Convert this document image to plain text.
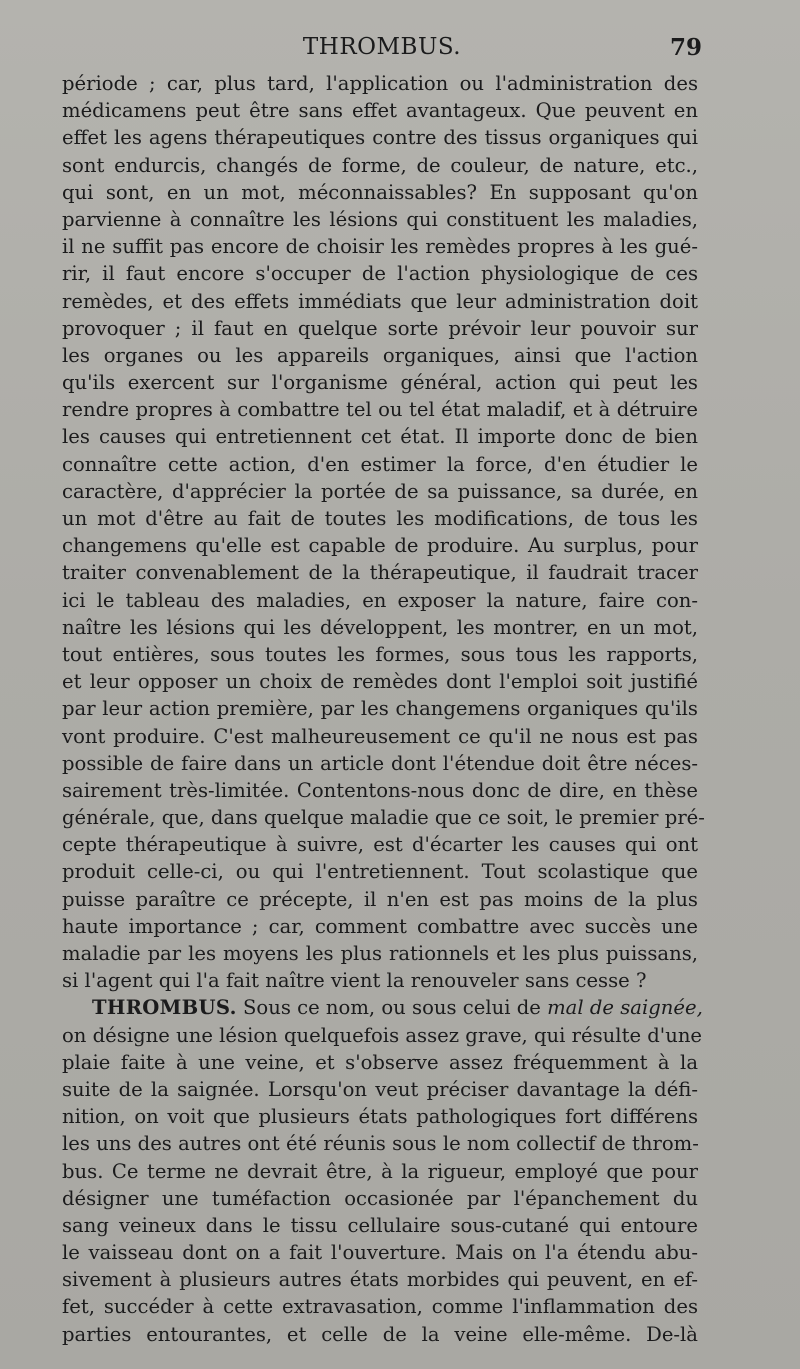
THROMBUS.	79
période ; car, plus tard, l'application ou l'administration des
médicamens peut être sans effet avantageux. Que peuvent en
effet les agens thérapeutiques contre des tissus organiques qui
sont endurcis, changés de forme, de couleur, de nature, etc.,
qui sont, en un mot, méconnaissables? En supposant qu'on
parvienne à connaître les lésions qui constituent les maladies,
il ne suffit pas encore de choisir les remèdes propres à les gué-
rir, il faut encore s'occuper de l'action physiologique de ces
remèdes, et des effets immédiats que leur administration doit
provoquer ; il faut en quelque sorte prévoir leur pouvoir sur
les organes ou les appareils organiques, ainsi que l'action
qu'ils exercent sur l'organisme général, action qui peut les
rendre propres à combattre tel ou tel état maladif, et à détruire
les causes qui entretiennent cet état. Il importe donc de bien
connaître cette action, d'en estimer la force, d'en étudier le
caractère, d'apprécier la portée de sa puissance, sa durée, en
un mot d'être au fait de toutes les modifications, de tous les
changemens qu'elle est capable de produire. Au surplus, pour
traiter convenablement de la thérapeutique, il faudrait tracer
ici le tableau des maladies, en exposer la nature, faire con-
naître les lésions qui les développent, les montrer, en un mot,
tout entières, sous toutes les formes, sous tous les rapports,
et leur opposer un choix de remèdes dont l'emploi soit justifié
par leur action première, par les changemens organiques qu'ils
vont produire. C'est malheureusement ce qu'il ne nous est pas
possible de faire dans un article dont l'étendue doit être néces-
sairement très-limitée. Contentons-nous donc de dire, en thèse
générale, que, dans quelque maladie que ce soit, le premier pré-
cepte thérapeutique à suivre, est d'écarter les causes qui ont
produit celle-ci, ou qui l'entretiennent. Tout scolastique que
puisse paraître ce précepte, il n'en est pas moins de la plus
haute importance ; car, comment combattre avec succès une
maladie par les moyens les plus rationnels et les plus puissans,
si l'agent qui l'a fait naître vient la renouveler sans cesse ?
THROMBUS. Sous ce nom, ou sous celui de mal de saignée,
on désigne une lésion quelquefois assez grave, qui résulte d'une
plaie faite à une veine, et s'observe assez fréquemment à la
suite de la saignée. Lorsqu'on veut préciser davantage la défi-
nition, on voit que plusieurs états pathologiques fort différens
les uns des autres ont été réunis sous le nom collectif de throm-
bus. Ce terme ne devrait être, à la rigueur, employé que pour
désigner une tuméfaction occasionée par l'épanchement du
sang veineux dans le tissu cellulaire sous-cutané qui entoure
le vaisseau dont on a fait l'ouverture. Mais on l'a étendu abu-
sivement à plusieurs autres états morbides qui peuvent, en ef-
fet, succéder à cette extravasation, comme l'inflammation des
parties entourantes, et celle de la veine elle-même. De-là
